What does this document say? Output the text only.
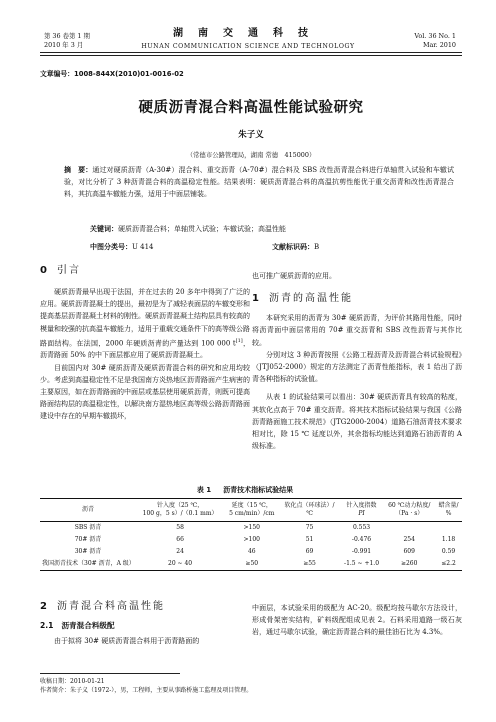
第 36 卷第 1 期
2010 年 3 月
湖南交通科技
HUNAN COMMUNICATION SCIENCE AND TECHNOLOGY
Vol. 36 No. 1
Mar. 2010
文章编号：1008-844X(2010)01-0016-02
硬质沥青混合料高温性能试验研究
朱子义
（常德市公路管理局，湖南 常德　415000）
摘　要：通过对硬质沥青（A-30#）混合料、重交沥青（A-70#）混合料及 SBS 改性沥青混合料进行单轴贯入试验和车辙试验，对比分析了 3 种沥青混合料的高温稳定性能。结果表明：硬质沥青混合料的高温抗剪性能优于重交沥青和改性沥青混合料，其抗高温车辙能力强，适用于中面层铺装。
关键词：硬质沥青混合料；单轴贯入试验；车辙试验；高温性能
中图分类号：U 414	文献标识码：B
0 引言

硬质沥青最早出现于法国，并在过去的 20 多年中得到了广泛的应用。硬质沥青混凝土的提出，最初是为了减轻表面层的车辙变形和提高基层沥青混凝土材料的刚性。硬质沥青混凝土结构层具有较高的模量和较强的抗高温车辙能力，适用于重载交通条件下的高等级公路路面结构。在法国，2000 年硬质沥青的产量达到 100 000 t[1]，沥青路面 50% 的中下面层都应用了硬质沥青混凝土。

目前国内对 30# 硬质沥青及硬质沥青混合料的研究和应用均较少。考虑到高温稳定性不足是我国南方炎热地区沥青路面产生病害的主要原因，如在沥青路面的中面层或基层使用硬质沥青，则既可提高路面结构层的高温稳定性，以解决南方湿热地区高等级公路沥青路面建设中存在的早期车辙损坏，

也可推广硬质沥青的应用。

1 沥青的高温性能

本研究采用的沥青为 30# 硬质沥青，为评价其路用性能，同时将沥青面中面层常用的 70# 重交沥青和 SBS 改性沥青与其作比较。

分别对这 3 种沥青按照《公路工程沥青及沥青混合料试验规程》（JTJ052-2000）规定的方法测定了沥青性能指标，表 1 给出了沥青各种指标的试验值。

从表 1 的试验结果可以看出：30# 硬质沥青具有较高的粘度，其软化点高于 70# 重交沥青。将其技术指标试验结果与我国《公路沥青路面施工技术规范》（JTG2000-2004）道路石油沥青技术要求相对比，除 15 ℃ 延度以外，其余指标均能达到道路石油沥青的 A 级标准。

表 1 沥青技术指标试验结果
沥青	针入度（25 ℃，	延度（15 ℃，	软化点（环球法）/	针入度指数	60 ℃动力粘度/	蜡含量/
	100 g，5 s）/（0.1 mm）	5 cm/min）/cm	℃	PI	（Pa · s）	%
SBS 沥青	58	>150	75	0.553		
70# 沥青	66	>100	51	-0.476	254	1.18
30# 沥青	24	46	69	-0.991	609	0.59
我国沥青技术（30# 沥青，A 级）	20 ~ 40	≥50	≥55	-1.5 ~ +1.0	≥260	≤2.2
2 沥青混合料高温性能
2.1 沥青混合料级配

由于拟将 30# 硬质沥青混合料用于沥青路面的

中面层，本试验采用的级配为 AC-20。级配均按马歇尔方法设计，形成骨架密实结构，矿料级配组成见表 2。石料采用道路一级石灰岩，通过马歇尔试验，确定沥青混合料的最佳油石比为 4.3%。

收稿日期：2010-01-21
作者简介：朱子义（1972-），男，工程师，主要从事路桥施工监理及项目管理。
